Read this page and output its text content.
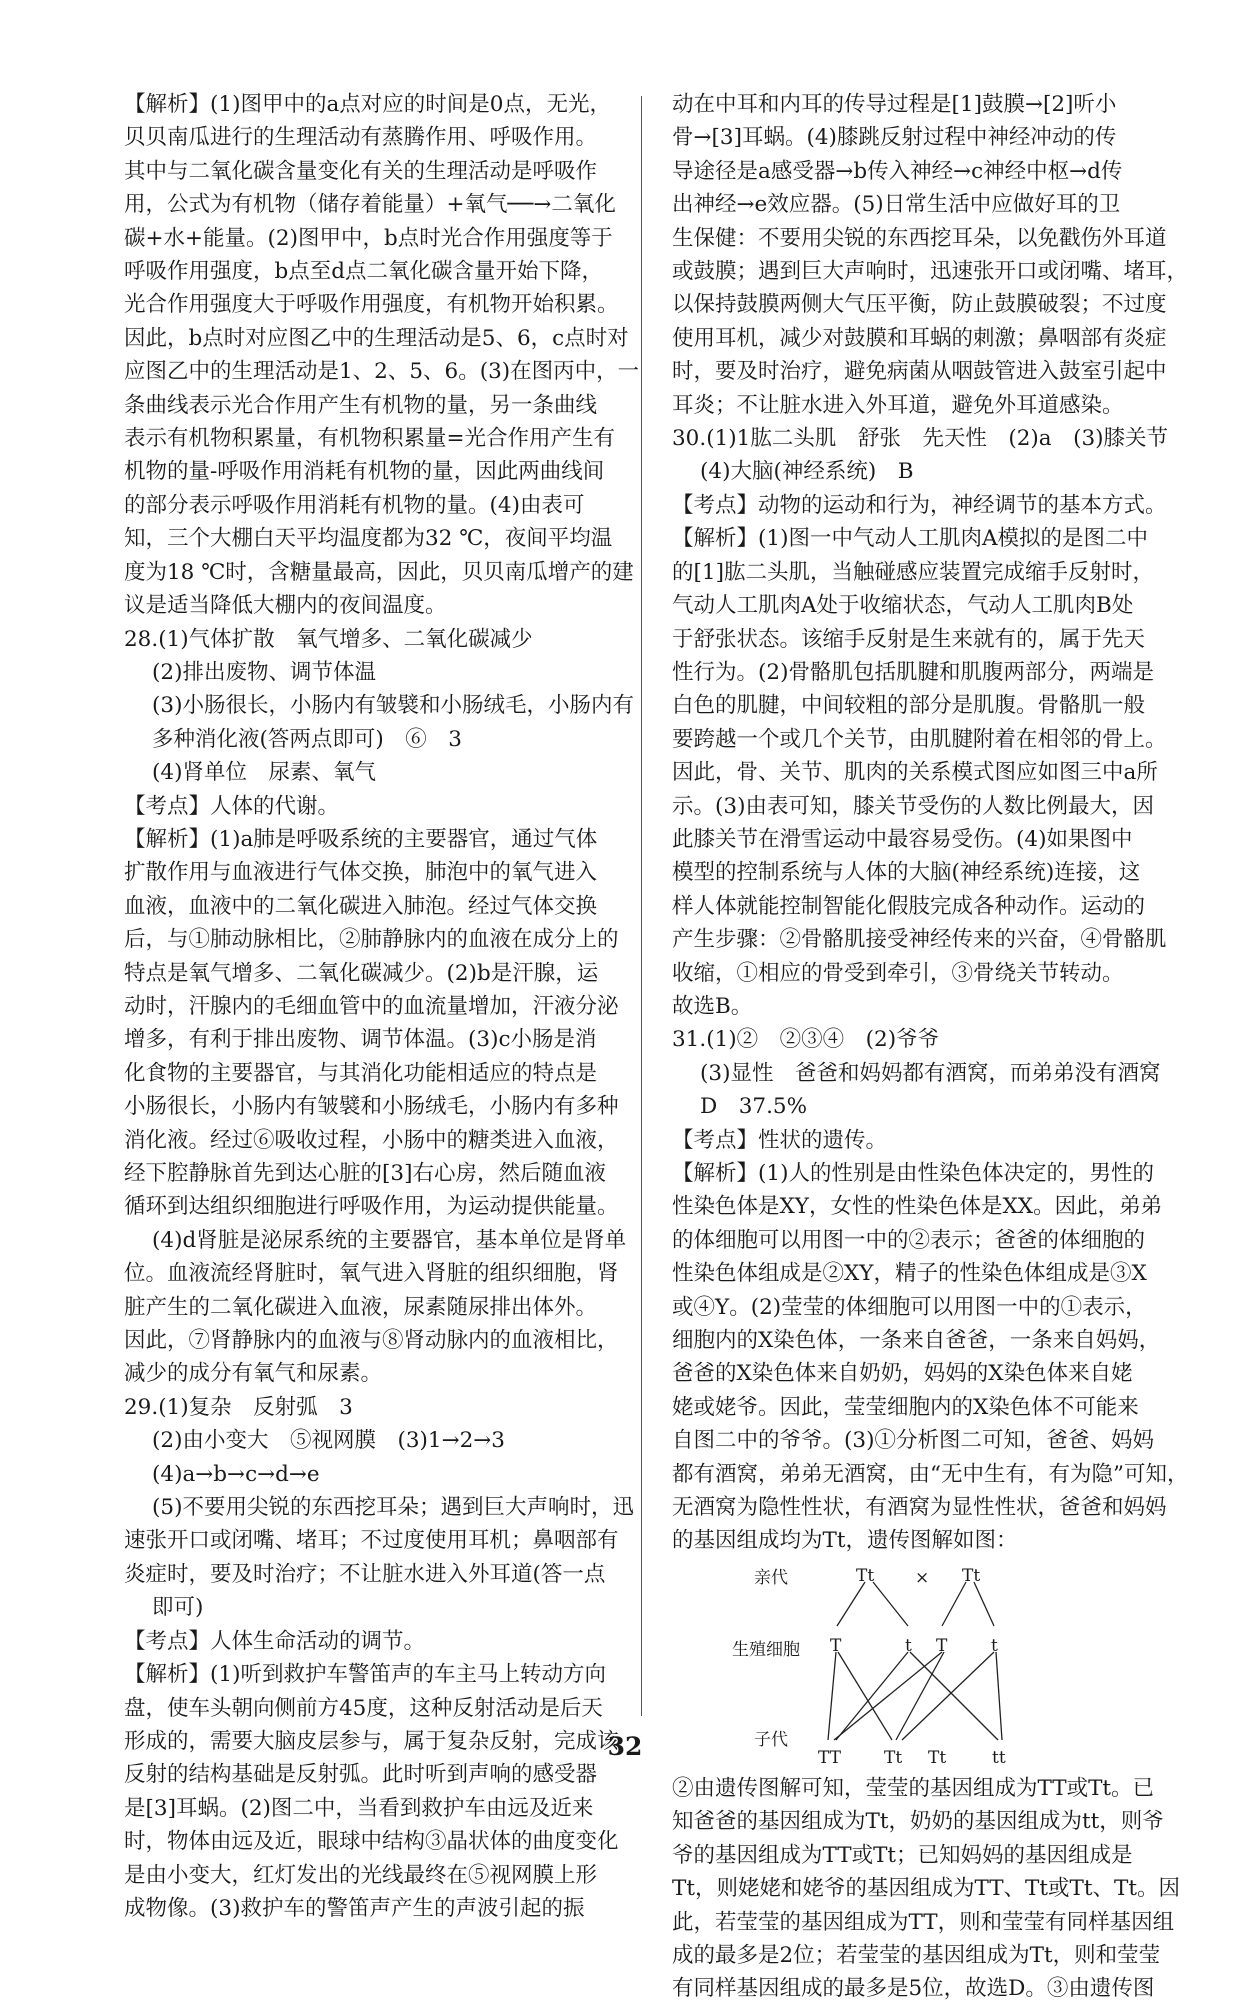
【解析】(1)图甲中的a点对应的时间是0点，无光，
贝贝南瓜进行的生理活动有蒸腾作用、呼吸作用。
其中与二氧化碳含量变化有关的生理活动是呼吸作
用，公式为有机物（储存着能量）+氧气──→二氧化
碳+水+能量。(2)图甲中，b点时光合作用强度等于
呼吸作用强度，b点至d点二氧化碳含量开始下降，
光合作用强度大于呼吸作用强度，有机物开始积累。
因此，b点时对应图乙中的生理活动是5、6，c点时对
应图乙中的生理活动是1、2、5、6。(3)在图丙中，一
条曲线表示光合作用产生有机物的量，另一条曲线
表示有机物积累量，有机物积累量=光合作用产生有
机物的量-呼吸作用消耗有机物的量，因此两曲线间
的部分表示呼吸作用消耗有机物的量。(4)由表可
知，三个大棚白天平均温度都为32 ℃，夜间平均温
度为18 ℃时，含糖量最高，因此，贝贝南瓜增产的建
议是适当降低大棚内的夜间温度。
28.(1)气体扩散　氧气增多、二氧化碳减少
(2)排出废物、调节体温
(3)小肠很长，小肠内有皱襞和小肠绒毛，小肠内有
多种消化液(答两点即可)　⑥　3
(4)肾单位　尿素、氧气
【考点】人体的代谢。
【解析】(1)a肺是呼吸系统的主要器官，通过气体
扩散作用与血液进行气体交换，肺泡中的氧气进入
血液，血液中的二氧化碳进入肺泡。经过气体交换
后，与①肺动脉相比，②肺静脉内的血液在成分上的
特点是氧气增多、二氧化碳减少。(2)b是汗腺，运
动时，汗腺内的毛细血管中的血流量增加，汗液分泌
增多，有利于排出废物、调节体温。(3)c小肠是消
化食物的主要器官，与其消化功能相适应的特点是
小肠很长，小肠内有皱襞和小肠绒毛，小肠内有多种
消化液。经过⑥吸收过程，小肠中的糖类进入血液，
经下腔静脉首先到达心脏的[3]右心房，然后随血液
循环到达组织细胞进行呼吸作用，为运动提供能量。
(4)d肾脏是泌尿系统的主要器官，基本单位是肾单
位。血液流经肾脏时，氧气进入肾脏的组织细胞，肾
脏产生的二氧化碳进入血液，尿素随尿排出体外。
因此，⑦肾静脉内的血液与⑧肾动脉内的血液相比，
减少的成分有氧气和尿素。
29.(1)复杂　反射弧　3
(2)由小变大　⑤视网膜　(3)1→2→3
(4)a→b→c→d→e
(5)不要用尖锐的东西挖耳朵；遇到巨大声响时，迅
速张开口或闭嘴、堵耳；不过度使用耳机；鼻咽部有
炎症时，要及时治疗；不让脏水进入外耳道(答一点
即可)
【考点】人体生命活动的调节。
【解析】(1)听到救护车警笛声的车主马上转动方向
盘，使车头朝向侧前方45度，这种反射活动是后天
形成的，需要大脑皮层参与，属于复杂反射，完成该
反射的结构基础是反射弧。此时听到声响的感受器
是[3]耳蜗。(2)图二中，当看到救护车由远及近来
时，物体由远及近，眼球中结构③晶状体的曲度变化
是由小变大，红灯发出的光线最终在⑤视网膜上形
成物像。(3)救护车的警笛声产生的声波引起的振
动在中耳和内耳的传导过程是[1]鼓膜→[2]听小
骨→[3]耳蜗。(4)膝跳反射过程中神经冲动的传
导途径是a感受器→b传入神经→c神经中枢→d传
出神经→e效应器。(5)日常生活中应做好耳的卫
生保健：不要用尖锐的东西挖耳朵，以免戳伤外耳道
或鼓膜；遇到巨大声响时，迅速张开口或闭嘴、堵耳，
以保持鼓膜两侧大气压平衡，防止鼓膜破裂；不过度
使用耳机，减少对鼓膜和耳蜗的刺激；鼻咽部有炎症
时，要及时治疗，避免病菌从咽鼓管进入鼓室引起中
耳炎；不让脏水进入外耳道，避免外耳道感染。
30.(1)1肱二头肌　舒张　先天性　(2)a　(3)膝关节
(4)大脑(神经系统)　B
【考点】动物的运动和行为，神经调节的基本方式。
【解析】(1)图一中气动人工肌肉A模拟的是图二中
的[1]肱二头肌，当触碰感应装置完成缩手反射时，
气动人工肌肉A处于收缩状态，气动人工肌肉B处
于舒张状态。该缩手反射是生来就有的，属于先天
性行为。(2)骨骼肌包括肌腱和肌腹两部分，两端是
白色的肌腱，中间较粗的部分是肌腹。骨骼肌一般
要跨越一个或几个关节，由肌腱附着在相邻的骨上。
因此，骨、关节、肌肉的关系模式图应如图三中a所
示。(3)由表可知，膝关节受伤的人数比例最大，因
此膝关节在滑雪运动中最容易受伤。(4)如果图中
模型的控制系统与人体的大脑(神经系统)连接，这
样人体就能控制智能化假肢完成各种动作。运动的
产生步骤：②骨骼肌接受神经传来的兴奋，④骨骼肌
收缩，①相应的骨受到牵引，③骨绕关节转动。
故选B。
31.(1)②　②③④　(2)爷爷
(3)显性　爸爸和妈妈都有酒窝，而弟弟没有酒窝
D　37.5%
【考点】性状的遗传。
【解析】(1)人的性别是由性染色体决定的，男性的
性染色体是XY，女性的性染色体是XX。因此，弟弟
的体细胞可以用图一中的②表示；爸爸的体细胞的
性染色体组成是②XY，精子的性染色体组成是③X
或④Y。(2)莹莹的体细胞可以用图一中的①表示，
细胞内的X染色体，一条来自爸爸，一条来自妈妈，
爸爸的X染色体来自奶奶，妈妈的X染色体来自姥
姥或姥爷。因此，莹莹细胞内的X染色体不可能来
自图二中的爷爷。(3)①分析图二可知，爸爸、妈妈
都有酒窝，弟弟无酒窝，由“无中生有，有为隐”可知，
无酒窝为隐性性状，有酒窝为显性性状，爸爸和妈妈
的基因组成均为Tt，遗传图解如图：
亲代
生殖细胞
子代
Tt × Tt
T	t T	t
TT	Tt Tt	tt
②由遗传图解可知，莹莹的基因组成为TT或Tt。已
知爸爸的基因组成为Tt，奶奶的基因组成为tt，则爷
爷的基因组成为TT或Tt；已知妈妈的基因组成是
Tt，则姥姥和姥爷的基因组成为TT、Tt或Tt、Tt。因
此，若莹莹的基因组成为TT，则和莹莹有同样基因组
成的最多是2位；若莹莹的基因组成为Tt，则和莹莹
有同样基因组成的最多是5位，故选D。③由遗传图
32
